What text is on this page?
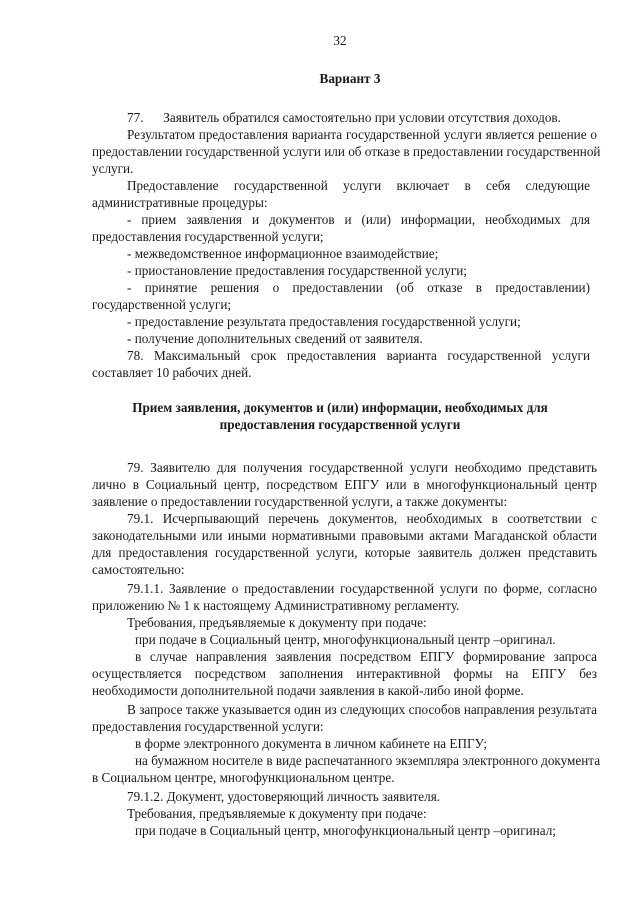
32
Вариант 3
77.      Заявитель обратился самостоятельно при условии отсутствия доходов.
Результатом предоставления варианта государственной услуги является решение о
предоставлении государственной услуги или об отказе в предоставлении государственной
услуги.
Предоставление государственной услуги включает в себя следующие
административные процедуры:
- прием заявления и документов и (или) информации, необходимых для
предоставления государственной услуги;
- межведомственное информационное взаимодействие;
- приостановление предоставления государственной услуги;
- принятие решения о предоставлении (об отказе в предоставлении)
государственной услуги;
- предоставление результата предоставления государственной услуги;
- получение дополнительных сведений от заявителя.
78. Максимальный срок предоставления варианта государственной услуги
составляет 10 рабочих дней.
Прием заявления, документов и (или) информации, необходимых для
предоставления государственной услуги
79. Заявителю для получения государственной услуги необходимо представить
лично в Социальный центр, посредством ЕПГУ или в многофункциональный центр
заявление о предоставлении государственной услуги, а также документы:
79.1. Исчерпывающий перечень документов, необходимых в соответствии с
законодательными или иными нормативными правовыми актами Магаданской области
для предоставления государственной услуги, которые заявитель должен представить
самостоятельно:
79.1.1. Заявление о предоставлении государственной услуги по форме, согласно
приложению № 1 к настоящему Административному регламенту.
Требования, предъявляемые к документу при подаче:
при подаче в Социальный центр, многофункциональный центр –оригинал.
в случае направления заявления посредством ЕПГУ формирование запроса
осуществляется посредством заполнения интерактивной формы на ЕПГУ без
необходимости дополнительной подачи заявления в какой-либо иной форме.
В запросе также указывается один из следующих способов направления результата
предоставления государственной услуги:
в форме электронного документа в личном кабинете на ЕПГУ;
на бумажном носителе в виде распечатанного экземпляра электронного документа
в Социальном центре, многофункциональном центре.
79.1.2. Документ, удостоверяющий личность заявителя.
Требования, предъявляемые к документу при подаче:
при подаче в Социальный центр, многофункциональный центр –оригинал;
